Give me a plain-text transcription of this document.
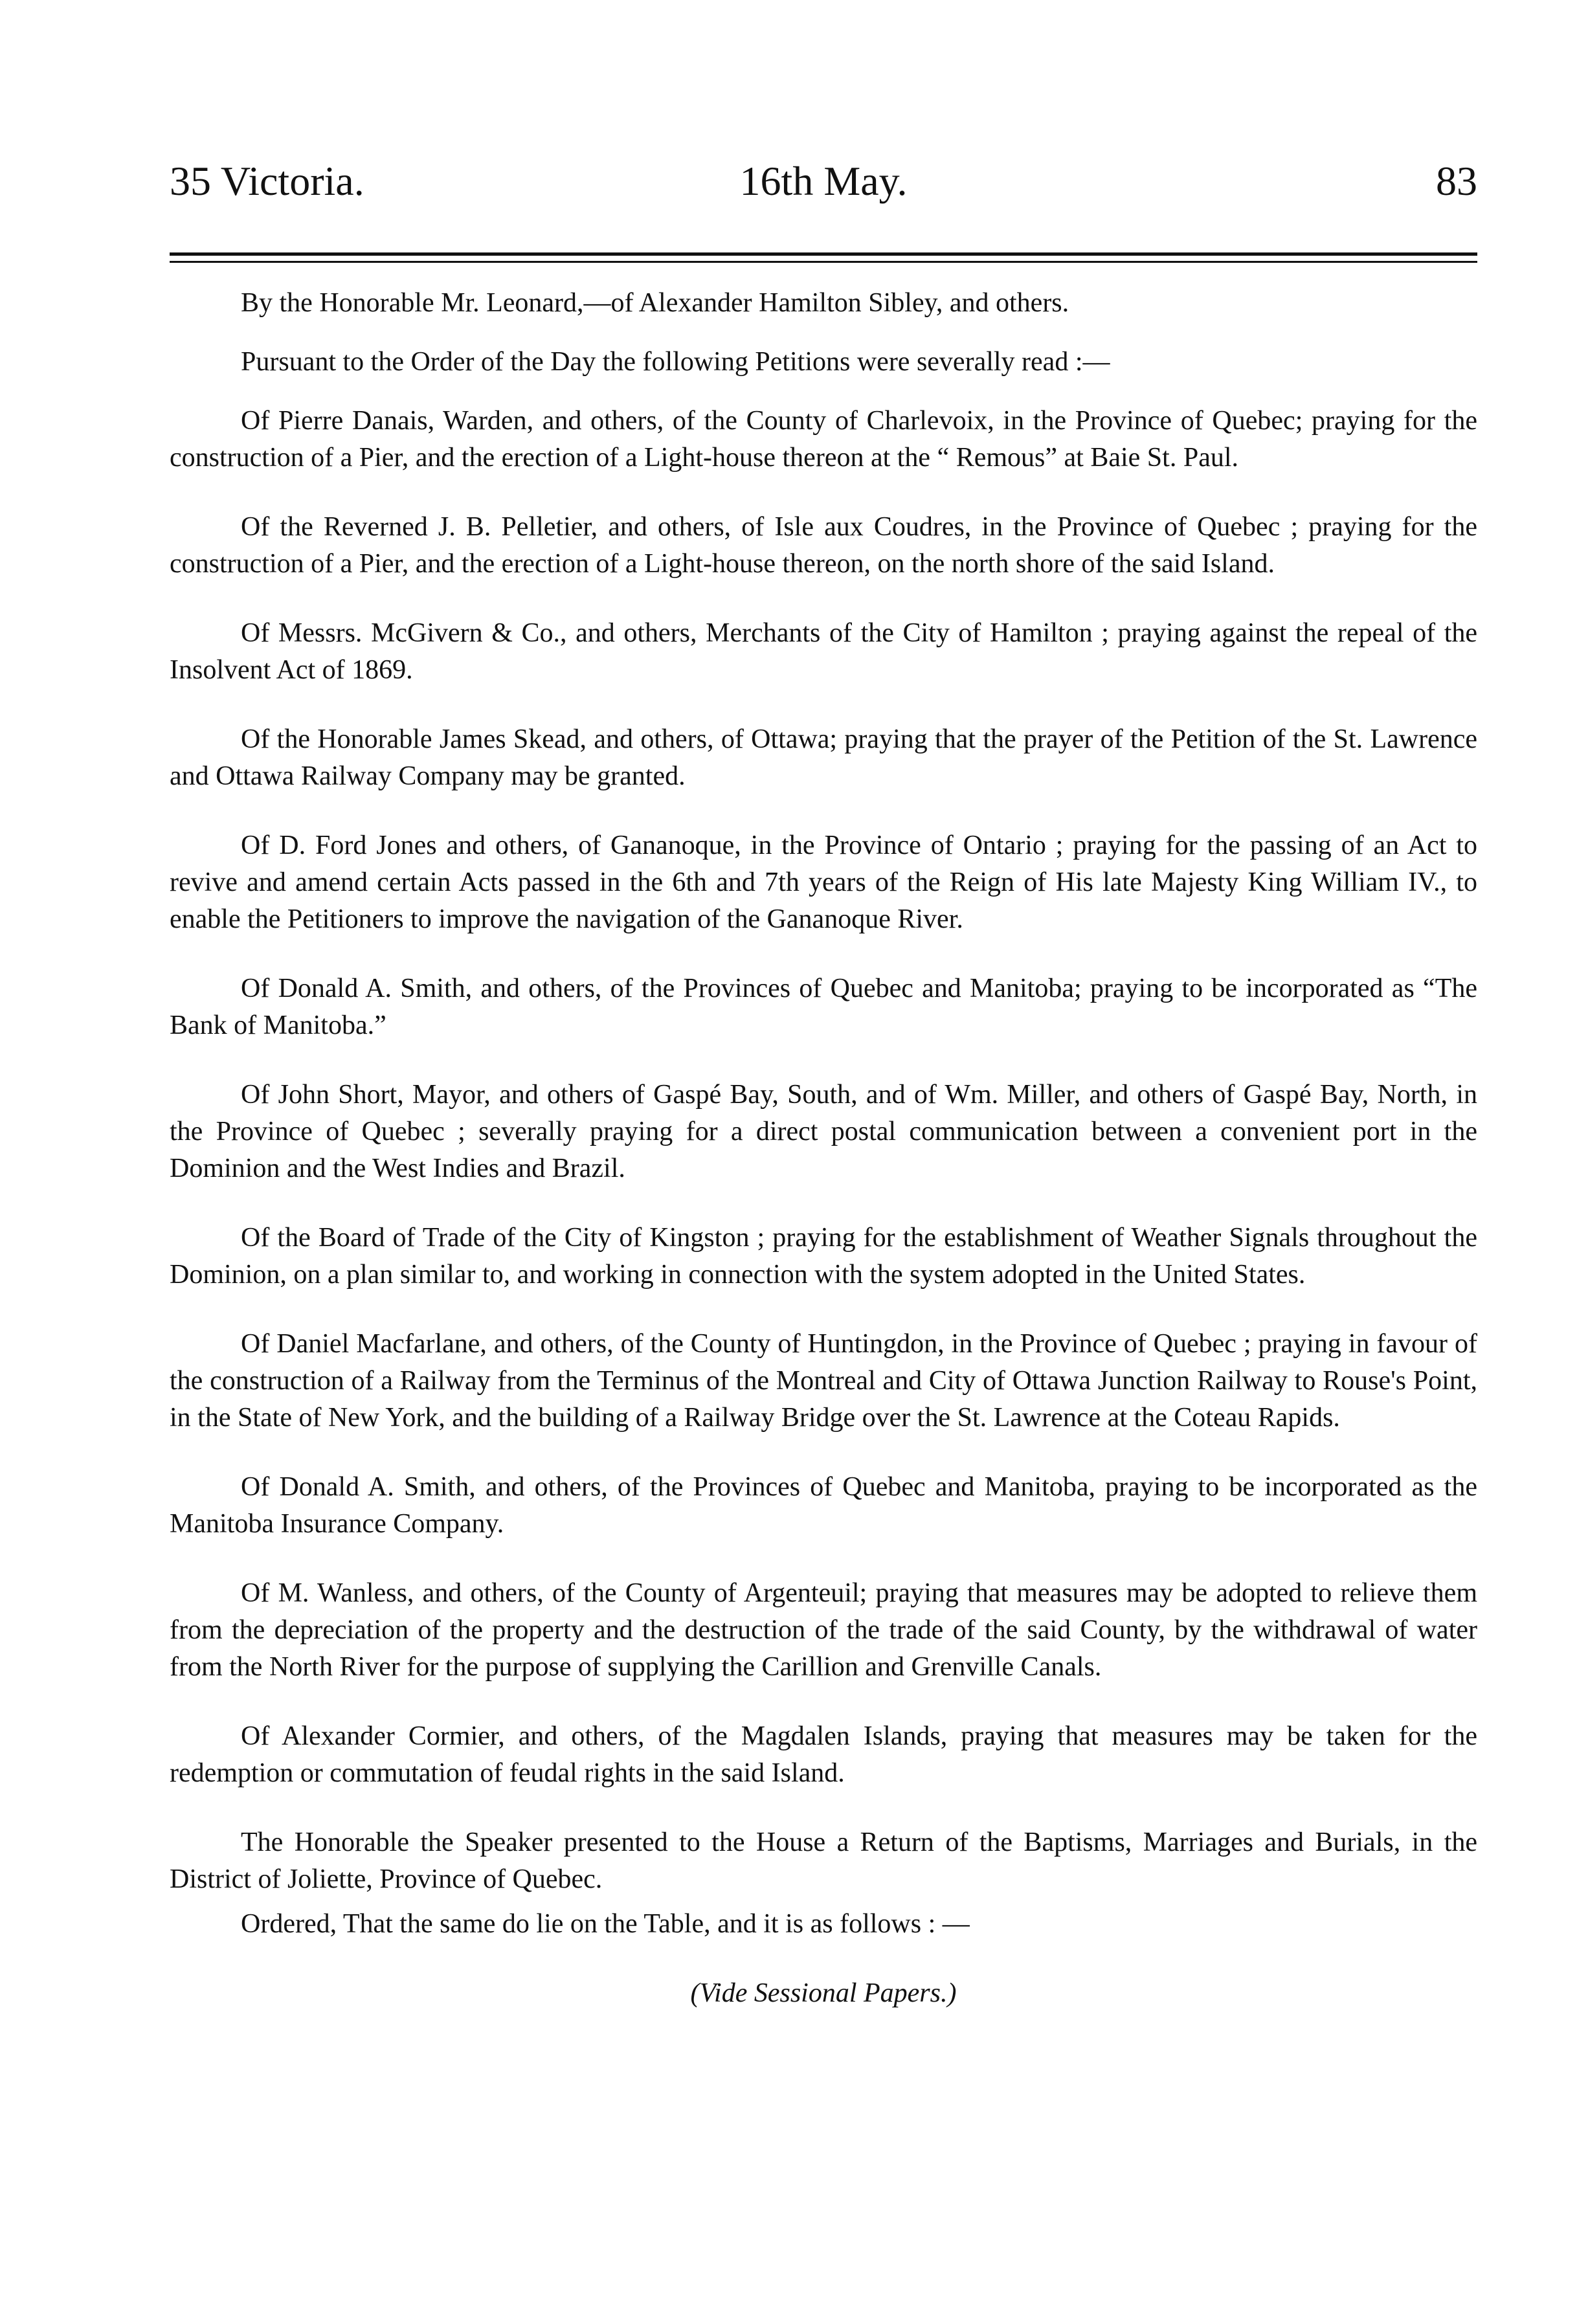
35 Victoria.	16th May.	83

By the Honorable Mr. Leonard,—of Alexander Hamilton Sibley, and others.

Pursuant to the Order of the Day the following Petitions were severally read :—

Of Pierre Danais, Warden, and others, of the County of Charlevoix, in the Province of Quebec; praying for the construction of a Pier, and the erection of a Light-house thereon at the “ Remous” at Baie St. Paul.

Of the Reverned J. B. Pelletier, and others, of Isle aux Coudres, in the Province of Quebec ; praying for the construction of a Pier, and the erection of a Light-house thereon, on the north shore of the said Island.

Of Messrs. McGivern & Co., and others, Merchants of the City of Hamilton ; praying against the repeal of the Insolvent Act of 1869.

Of the Honorable James Skead, and others, of Ottawa; praying that the prayer of the Petition of the St. Lawrence and Ottawa Railway Company may be granted.

Of D. Ford Jones and others, of Gananoque, in the Province of Ontario ; praying for the passing of an Act to revive and amend certain Acts passed in the 6th and 7th years of the Reign of His late Majesty King William IV., to enable the Petitioners to improve the navigation of the Gananoque River.

Of Donald A. Smith, and others, of the Provinces of Quebec and Manitoba; praying to be incorporated as “The Bank of Manitoba.”

Of John Short, Mayor, and others of Gaspé Bay, South, and of Wm. Miller, and others of Gaspé Bay, North, in the Province of Quebec ; severally praying for a direct postal communication between a convenient port in the Dominion and the West Indies and Brazil.

Of the Board of Trade of the City of Kingston ; praying for the establishment of Weather Signals throughout the Dominion, on a plan similar to, and working in connection with the system adopted in the United States.

Of Daniel Macfarlane, and others, of the County of Huntingdon, in the Province of Quebec ; praying in favour of the construction of a Railway from the Terminus of the Montreal and City of Ottawa Junction Railway to Rouse's Point, in the State of New York, and the building of a Railway Bridge over the St. Lawrence at the Coteau Rapids.

Of Donald A. Smith, and others, of the Provinces of Quebec and Manitoba, praying to be incorporated as the Manitoba Insurance Company.

Of M. Wanless, and others, of the County of Argenteuil; praying that measures may be adopted to relieve them from the depreciation of the property and the destruction of the trade of the said County, by the withdrawal of water from the North River for the purpose of supplying the Carillion and Grenville Canals.

Of Alexander Cormier, and others, of the Magdalen Islands, praying that measures may be taken for the redemption or commutation of feudal rights in the said Island.

The Honorable the Speaker presented to the House a Return of the Baptisms, Marriages and Burials, in the District of Joliette, Province of Quebec.

Ordered, That the same do lie on the Table, and it is as follows : —

(Vide Sessional Papers.)
